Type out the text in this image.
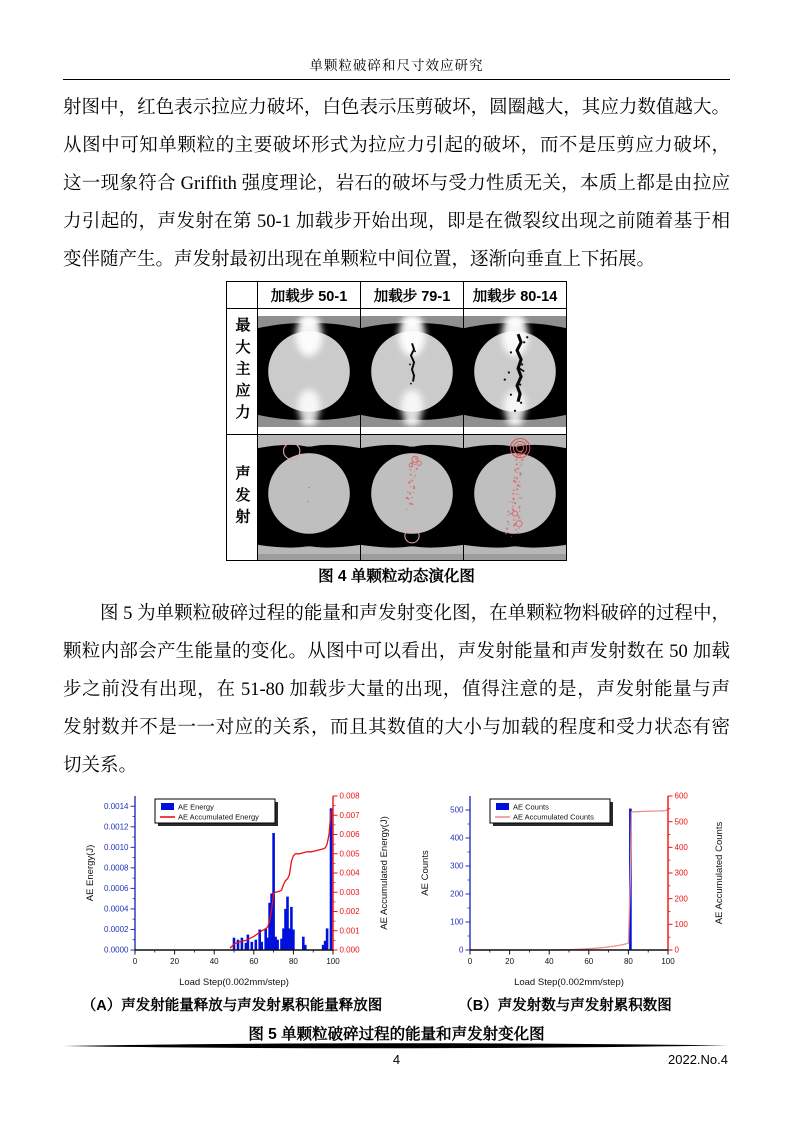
单颗粒破碎和尺寸效应研究
射图中，红色表示拉应力破坏，白色表示压剪破坏，圆圈越大，其应力数值越大。
从图中可知单颗粒的主要破坏形式为拉应力引起的破坏，而不是压剪应力破坏，
这一现象符合 Griffith 强度理论，岩石的破坏与受力性质无关，本质上都是由拉应
力引起的，声发射在第 50-1 加载步开始出现，即是在微裂纹出现之前随着基于相
变伴随产生。声发射最初出现在单颗粒中间位置，逐渐向垂直上下拓展。
加载步 50-1	加载步 79-1	加载步 80-14
最大主应力
声发射
图 4 单颗粒动态演化图
图 5 为单颗粒破碎过程的能量和声发射变化图，在单颗粒物料破碎的过程中，
颗粒内部会产生能量的变化。从图中可以看出，声发射能量和声发射数在 50 加载
步之前没有出现，在 51-80 加载步大量的出现，值得注意的是，声发射能量与声
发射数并不是一一对应的关系，而且其数值的大小与加载的程度和受力状态有密
切关系。
0.0000
0.0002
0.0004
0.0006
0.0008
0.0010
0.0012
0.0014
0.000
0.001
0.002
0.003
0.004
0.005
0.006
0.007
0.008
0	20	40	60	80	100
Load Step(0.002mm/step)
AE Energy(J)	AE Accumulated Energy(J)
AE Energy
AE Accumulated Energy
0
100
200
300
400
500
0
100
200
300
400
500
600
0	20	40	60	80	100
Load Step(0.002mm/step)
AE Counts	AE Accumulated Counts
AE Counts
AE Accumulated Counts
（A）声发射能量释放与声发射累积能量释放图	（B）声发射数与声发射累积数图
图 5 单颗粒破碎过程的能量和声发射变化图
4	2022.No.4
